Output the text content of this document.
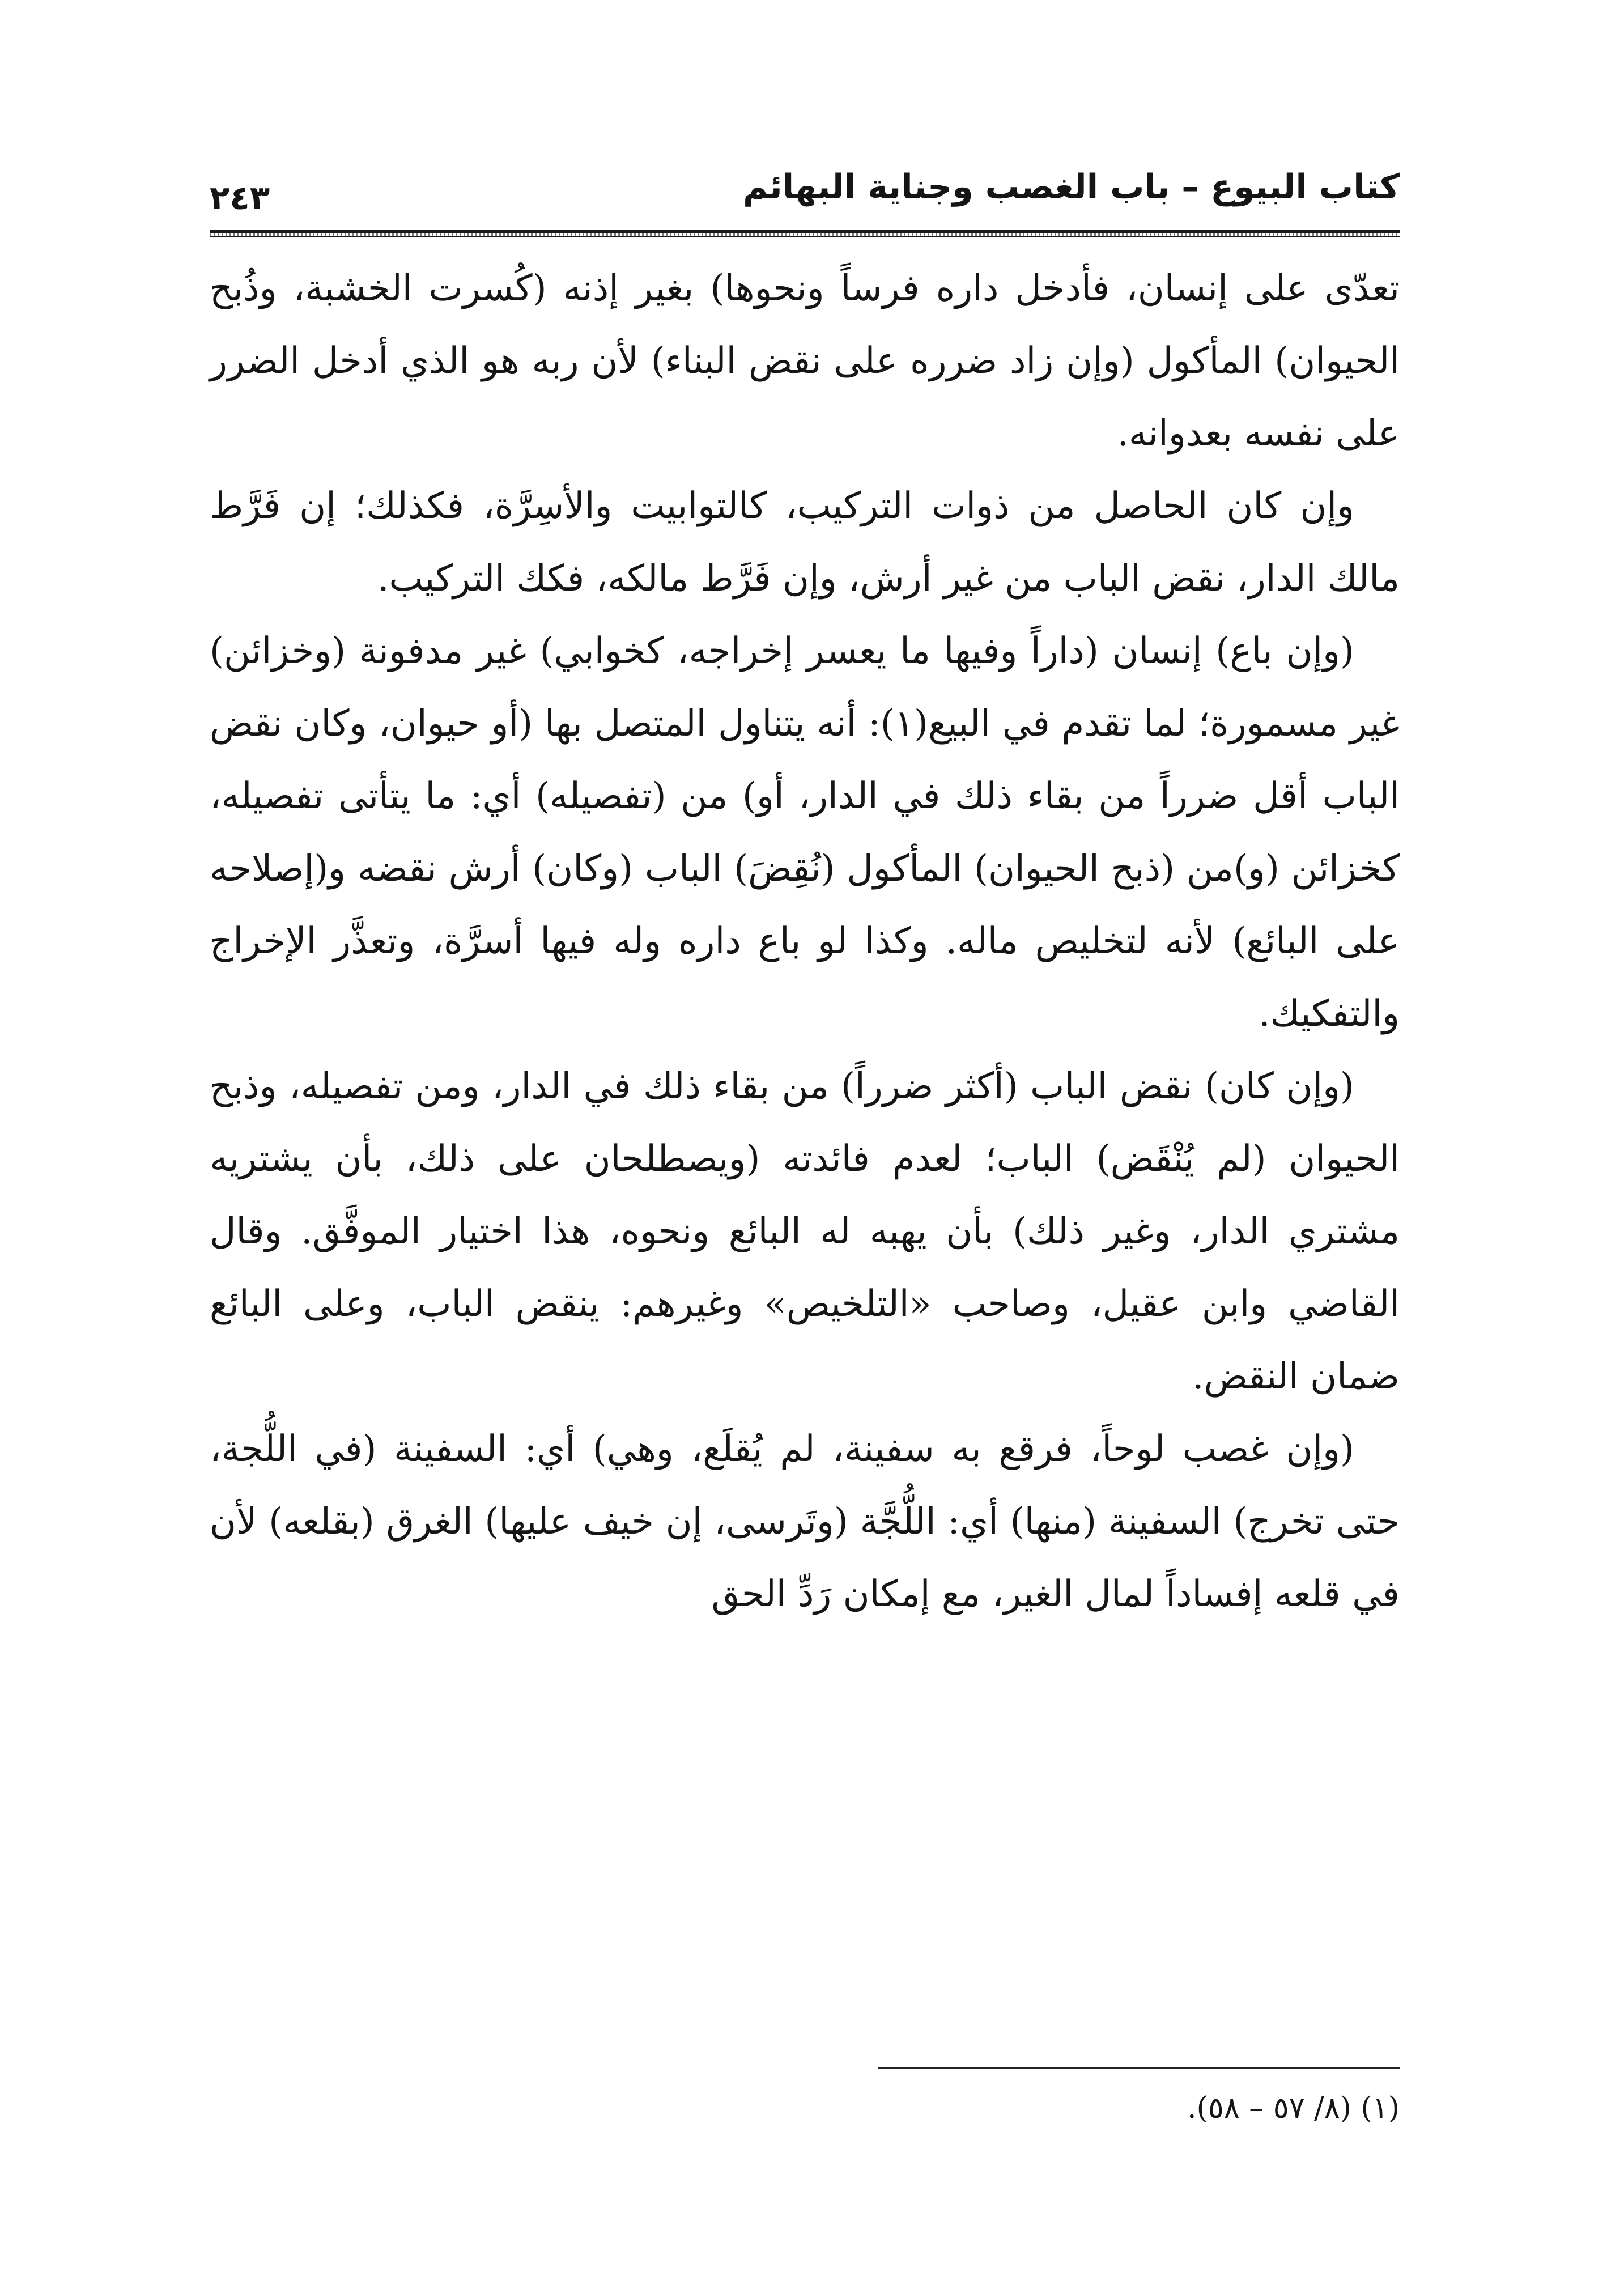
كتاب البيوع – باب الغصب وجناية البهائم
٢٤٣

تعدّى على إنسان، فأدخل داره فرساً ونحوها) بغير إذنه (كُسرت الخشبة، وذُبح الحيوان) المأكول (وإن زاد ضرره على نقض البناء) لأن ربه هو الذي أدخل الضرر على نفسه بعدوانه.

وإن كان الحاصل من ذوات التركيب، كالتوابيت والأسِرَّة، فكذلك؛ إن فَرَّط مالك الدار، نقض الباب من غير أرش، وإن فَرَّط مالكه، فكك التركيب.

(وإن باع) إنسان (داراً وفيها ما يعسر إخراجه، كخوابي) غير مدفونة (وخزائن) غير مسمورة؛ لما تقدم في البيع(١): أنه يتناول المتصل بها (أو حيوان، وكان نقض الباب أقل ضرراً من بقاء ذلك في الدار، أو) من (تفصيله) أي: ما يتأتى تفصيله، كخزائن (و)من (ذبح الحيوان) المأكول (نُقِضَ) الباب (وكان) أرش نقضه و(إصلاحه على البائع) لأنه لتخليص ماله. وكذا لو باع داره وله فيها أسرَّة، وتعذَّر الإخراج والتفكيك.

(وإن كان) نقض الباب (أكثر ضرراً) من بقاء ذلك في الدار، ومن تفصيله، وذبح الحيوان (لم يُنْقَض) الباب؛ لعدم فائدته (ويصطلحان على ذلك، بأن يشتريه مشتري الدار، وغير ذلك) بأن يهبه له البائع ونحوه، هذا اختيار الموفَّق. وقال القاضي وابن عقيل، وصاحب «التلخيص» وغيرهم: ينقض الباب، وعلى البائع ضمان النقض.

(وإن غصب لوحاً، فرقع به سفينة، لم يُقلَع، وهي) أي: السفينة (في اللُّجة، حتى تخرج) السفينة (منها) أي: اللُّجَّة (وتَرسى، إن خيف عليها) الغرق (بقلعه) لأن في قلعه إفساداً لمال الغير، مع إمكان رَدِّ الحق

(١) (٨/ ٥٧ – ٥٨).
